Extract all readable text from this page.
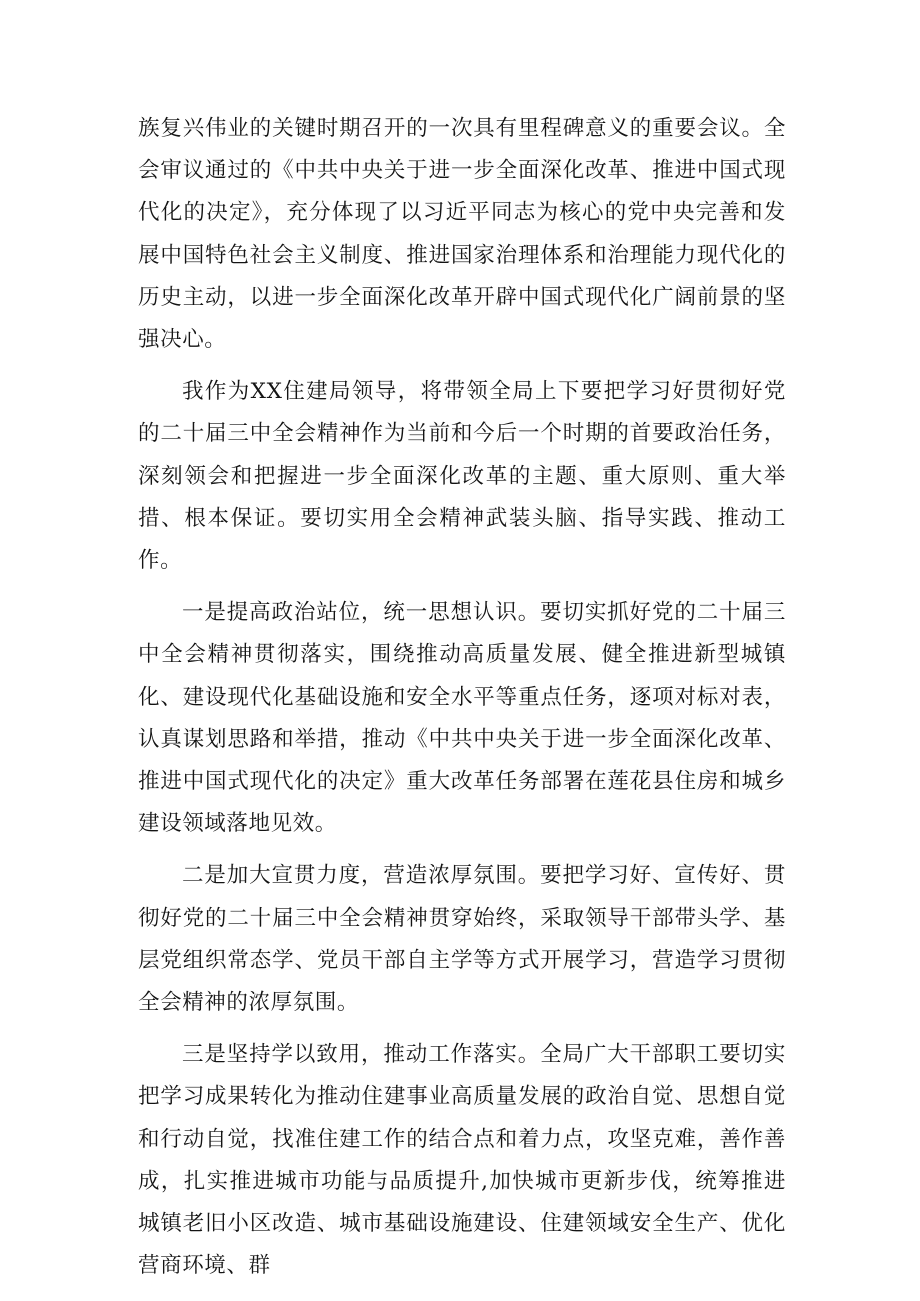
族复兴伟业的关键时期召开的一次具有里程碑意义的重要会议。全会审议通过的《中共中央关于进一步全面深化改革、推进中国式现代化的决定》，充分体现了以习近平同志为核心的党中央完善和发展中国特色社会主义制度、推进国家治理体系和治理能力现代化的历史主动，以进一步全面深化改革开辟中国式现代化广阔前景的坚强决心。

我作为XX住建局领导，将带领全局上下要把学习好贯彻好党的二十届三中全会精神作为当前和今后一个时期的首要政治任务，深刻领会和把握进一步全面深化改革的主题、重大原则、重大举措、根本保证。要切实用全会精神武装头脑、指导实践、推动工作。

一是提高政治站位，统一思想认识。要切实抓好党的二十届三中全会精神贯彻落实，围绕推动高质量发展、健全推进新型城镇化、建设现代化基础设施和安全水平等重点任务，逐项对标对表，认真谋划思路和举措，推动《中共中央关于进一步全面深化改革、推进中国式现代化的决定》重大改革任务部署在莲花县住房和城乡建设领域落地见效。

二是加大宣贯力度，营造浓厚氛围。要把学习好、宣传好、贯彻好党的二十届三中全会精神贯穿始终，采取领导干部带头学、基层党组织常态学、党员干部自主学等方式开展学习，营造学习贯彻全会精神的浓厚氛围。

三是坚持学以致用，推动工作落实。全局广大干部职工要切实把学习成果转化为推动住建事业高质量发展的政治自觉、思想自觉和行动自觉，找准住建工作的结合点和着力点，攻坚克难，善作善成，扎实推进城市功能与品质提升,加快城市更新步伐，统筹推进城镇老旧小区改造、城市基础设施建设、住建领域安全生产、优化营商环境、群
